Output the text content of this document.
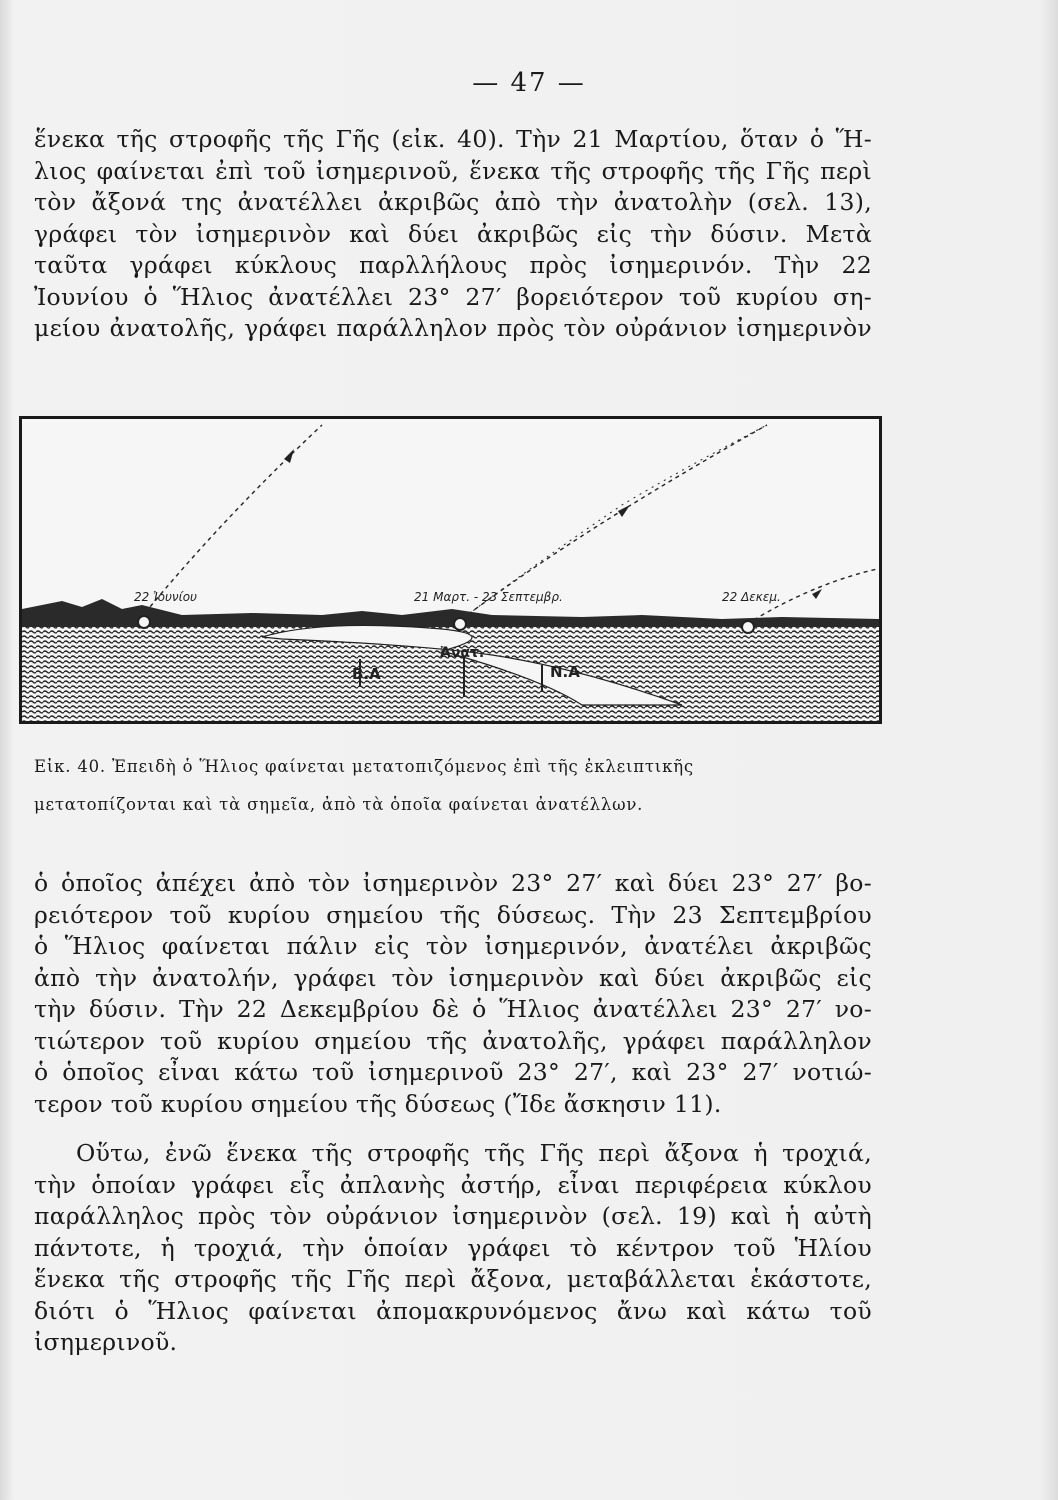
— 47 —
ἕνεκα τῆς στροφῆς τῆς Γῆς (εἰκ. 40). Τὴν 21 Μαρτίου, ὅταν ὁ Ἥ-
λιος φαίνεται ἐπὶ τοῦ ἰσημερινοῦ, ἕνεκα τῆς στροφῆς τῆς Γῆς περὶ
τὸν ἄξονά της ἀνατέλλει ἀκριβῶς ἀπὸ τὴν ἀνατολὴν (σελ. 13),
γράφει τὸν ἰσημερινὸν καὶ δύει ἀκριβῶς εἰς τὴν δύσιν. Μετὰ
ταῦτα γράφει κύκλους παρλλήλους πρὸς ἰσημερινόν. Τὴν 22
Ἰουνίου ὁ Ἥλιος ἀνατέλλει 23° 27′ βορειότερον τοῦ κυρίου ση-
μείου ἀνατολῆς, γράφει παράλληλον πρὸς τὸν οὐράνιον ἰσημερινὸν
22 Ἰουνίου	21 Μαρτ. - 23 Σεπτεμβρ.	22 Δεκεμ.
Β.Α
Ἀνατ.
Ν.Α
Εἰκ. 40. Ἐπειδὴ ὁ Ἥλιος φαίνεται μετατοπιζόμενος ἐπὶ τῆς ἐκλειπτικῆς
μετατοπίζονται καὶ τὰ σημεῖα, ἀπὸ τὰ ὁποῖα φαίνεται ἀνατέλλων.
ὁ ὁποῖος ἀπέχει ἀπὸ τὸν ἰσημερινὸν 23° 27′ καὶ δύει 23° 27′ βο-
ρειότερον τοῦ κυρίου σημείου τῆς δύσεως. Τὴν 23 Σεπτεμβρίου
ὁ Ἥλιος φαίνεται πάλιν εἰς τὸν ἰσημερινόν, ἀνατέλει ἀκριβῶς
ἀπὸ τὴν ἀνατολήν, γράφει τὸν ἰσημερινὸν καὶ δύει ἀκριβῶς εἰς
τὴν δύσιν. Τὴν 22 Δεκεμβρίου δὲ ὁ Ἥλιος ἀνατέλλει 23° 27′ νο-
τιώτερον τοῦ κυρίου σημείου τῆς ἀνατολῆς, γράφει παράλληλον
ὁ ὁποῖος εἶναι κάτω τοῦ ἰσημερινοῦ 23° 27′, καὶ 23° 27′ νοτιώ-
τερον τοῦ κυρίου σημείου τῆς δύσεως (Ἴδε ἄσκησιν 11).
Οὕτω, ἐνῶ ἕνεκα τῆς στροφῆς τῆς Γῆς περὶ ἄξονα ἡ τροχιά,
τὴν ὁποίαν γράφει εἷς ἀπλανὴς ἀστήρ, εἶναι περιφέρεια κύκλου
παράλληλος πρὸς τὸν οὐράνιον ἰσημερινὸν (σελ. 19) καὶ ἡ αὐτὴ
πάντοτε, ἡ τροχιά, τὴν ὁποίαν γράφει τὸ κέντρον τοῦ Ἡλίου
ἕνεκα τῆς στροφῆς τῆς Γῆς περὶ ἄξονα, μεταβάλλεται ἑκάστοτε,
διότι ὁ Ἥλιος φαίνεται ἀπομακρυνόμενος ἄνω καὶ κάτω τοῦ
ἰσημερινοῦ.
